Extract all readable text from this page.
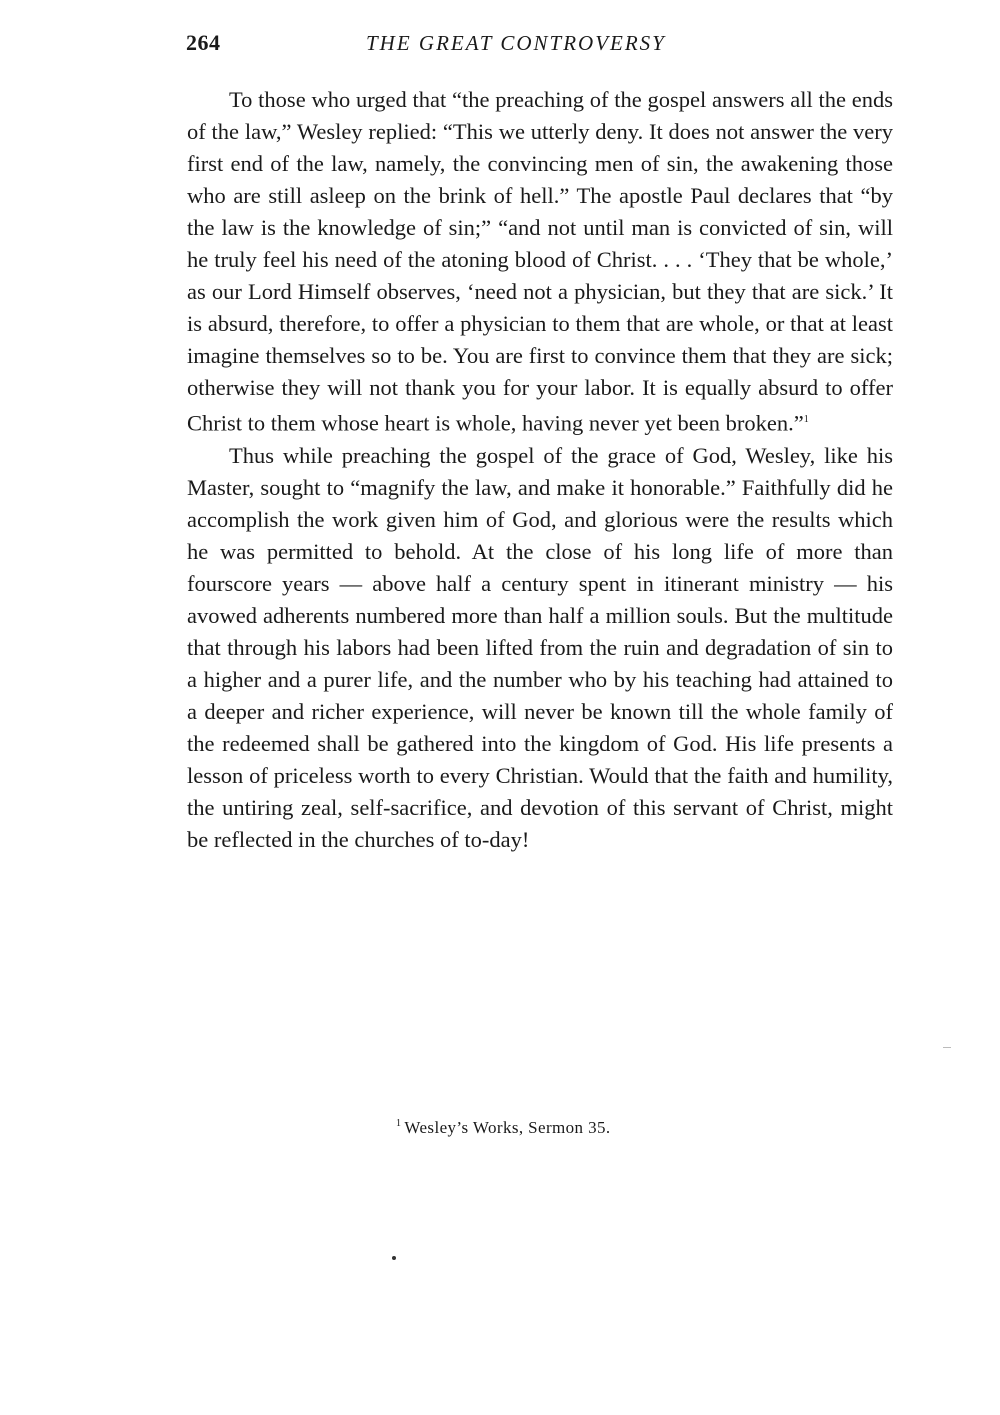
264	THE GREAT CONTROVERSY

To those who urged that “the preaching of the gospel answers all the ends of the law,” Wesley replied: “This we utterly deny. It does not answer the very first end of the law, namely, the convincing men of sin, the awakening those who are still asleep on the brink of hell.” The apostle Paul declares that “by the law is the knowledge of sin;” “and not until man is convicted of sin, will he truly feel his need of the atoning blood of Christ. . . . ‘They that be whole,’ as our Lord Himself observes, ‘need not a physician, but they that are sick.’ It is absurd, therefore, to offer a physician to them that are whole, or that at least imagine themselves so to be. You are first to convince them that they are sick; otherwise they will not thank you for your labor. It is equally absurd to offer Christ to them whose heart is whole, having never yet been broken.”$^1$

Thus while preaching the gospel of the grace of God, Wesley, like his Master, sought to “magnify the law, and make it honorable.” Faithfully did he accomplish the work given him of God, and glorious were the results which he was permitted to behold. At the close of his long life of more than fourscore years — above half a century spent in itinerant ministry — his avowed adherents numbered more than half a million souls. But the multitude that through his labors had been lifted from the ruin and degradation of sin to a higher and a purer life, and the number who by his teaching had attained to a deeper and richer experience, will never be known till the whole family of the redeemed shall be gathered into the kingdom of God. His life presents a lesson of priceless worth to every Christian. Would that the faith and humility, the untiring zeal, self-sacrifice, and devotion of this servant of Christ, might be reflected in the churches of to-day!

$^1$ Wesley’s Works, Sermon 35.
